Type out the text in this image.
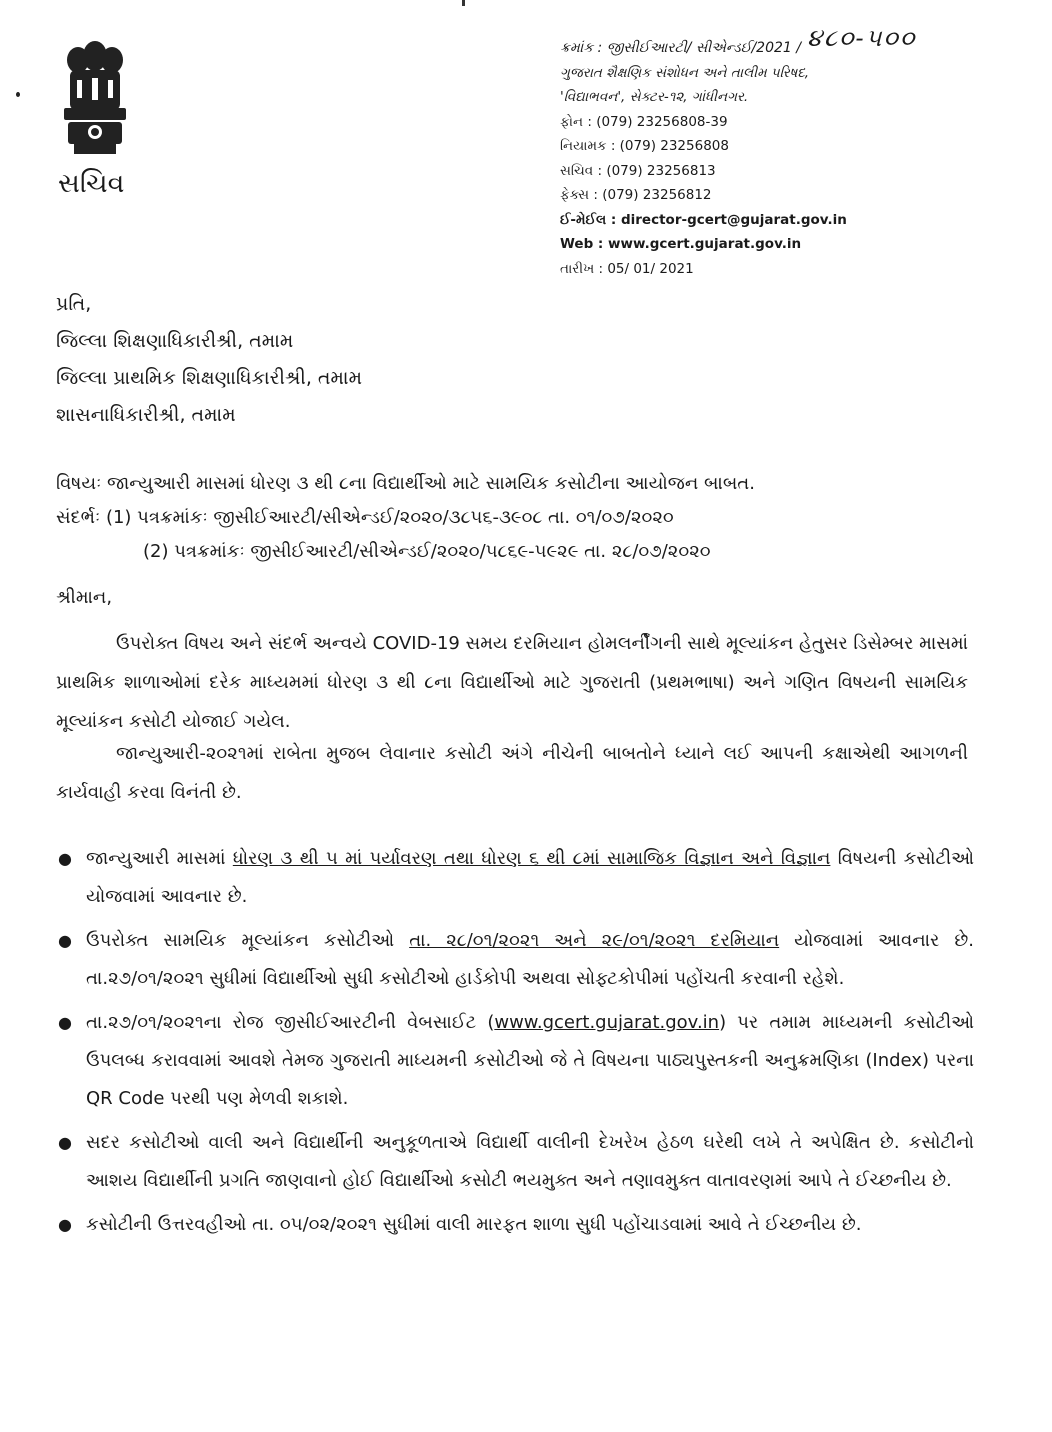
સચિવ
ક્રમાંક : જીસીઈઆરટી/ સીએન્ડઈ/2021 / ૪૮૦-૫૦૦
ગુજરાત શૈક્ષણિક સંશોધન અને તાલીમ પરિષદ,
'વિદ્યાભવન', સેક્ટર-૧૨, ગાંધીનગર.
ફોન : (079) 23256808-39
નિયામક : (079) 23256808
સચિવ : (079) 23256813
ફેક્સ : (079) 23256812
ઈ-મેઈલ : director-gcert@gujarat.gov.in
Web : www.gcert.gujarat.gov.in
તારીખ : 05/ 01/ 2021
પ્રતિ,
જિલ્લા શિક્ષણાધિકારીશ્રી, તમામ
જિલ્લા પ્રાથમિક શિક્ષણાધિકારીશ્રી, તમામ
શાસનાધિકારીશ્રી, તમામ
વિષયઃ જાન્યુઆરી માસમાં ધોરણ ૩ થી ૮ના વિદ્યાર્થીઓ માટે સામયિક કસોટીના આયોજન બાબત.
સંદર્ભઃ (1) પત્રક્રમાંકઃ જીસીઈઆરટી/સીએન્ડઈ/૨૦૨૦/૩૮૫૬-૩૯૦૮ તા. ૦૧/૦૭/૨૦૨૦
(2) પત્રક્રમાંકઃ જીસીઈઆરટી/સીએન્ડઈ/૨૦૨૦/૫૮૬૯-૫૯૨૯ તા. ૨૮/૦૭/૨૦૨૦
શ્રીમાન,
ઉપરોક્ત વિષય અને સંદર્ભ અન્વયે COVID-19 સમય દરમિયાન હોમલર્નીંગની સાથે મૂલ્યાંકન હેતુસર ડિસેમ્બર માસમાં પ્રાથમિક શાળાઓમાં દરેક માધ્યમમાં ધોરણ ૩ થી ૮ના વિદ્યાર્થીઓ માટે ગુજરાતી (પ્રથમભાષા) અને ગણિત વિષયની સામયિક મૂલ્યાંકન કસોટી યોજાઈ ગયેલ.
જાન્યુઆરી-૨૦૨૧માં રાબેતા મુજબ લેવાનાર કસોટી અંગે નીચેની બાબતોને ધ્યાને લઈ આપની કક્ષાએથી આગળની કાર્યવાહી કરવા વિનંતી છે.
● જાન્યુઆરી માસમાં ધોરણ ૩ થી ૫ માં પર્યાવરણ તથા ધોરણ ૬ થી ૮માં સામાજિક વિજ્ઞાન અને વિજ્ઞાન વિષયની કસોટીઓ યોજવામાં આવનાર છે.
● ઉપરોક્ત સામયિક મૂલ્યાંકન કસોટીઓ તા. ૨૮/૦૧/૨૦૨૧ અને ૨૯/૦૧/૨૦૨૧ દરમિયાન યોજવામાં આવનાર છે. તા.૨૭/૦૧/૨૦૨૧ સુધીમાં વિદ્યાર્થીઓ સુધી કસોટીઓ હાર્ડકોપી અથવા સોફ્ટકોપીમાં પહોંચતી કરવાની રહેશે.
● તા.૨૭/૦૧/૨૦૨૧ના રોજ જીસીઈઆરટીની વેબસાઈટ (www.gcert.gujarat.gov.in) પર તમામ માધ્યમની કસોટીઓ ઉપલબ્ધ કરાવવામાં આવશે તેમજ ગુજરાતી માધ્યમની કસોટીઓ જે તે વિષયના પાઠ્યપુસ્તકની અનુક્રમણિકા (Index) પરના QR Code પરથી પણ મેળવી શકાશે.
● સદર કસોટીઓ વાલી અને વિદ્યાર્થીની અનુકૂળતાએ વિદ્યાર્થી વાલીની દેખરેખ હેઠળ ઘરેથી લખે તે અપેક્ષિત છે. કસોટીનો આશય વિદ્યાર્થીની પ્રગતિ જાણવાનો હોઈ વિદ્યાર્થીઓ કસોટી ભયમુક્ત અને તણાવમુક્ત વાતાવરણમાં આપે તે ઈચ્છનીય છે.
● કસોટીની ઉત્તરવહીઓ તા. ૦૫/૦૨/૨૦૨૧ સુધીમાં વાલી મારફત શાળા સુધી પહોંચાડવામાં આવે તે ઈચ્છનીય છે.
